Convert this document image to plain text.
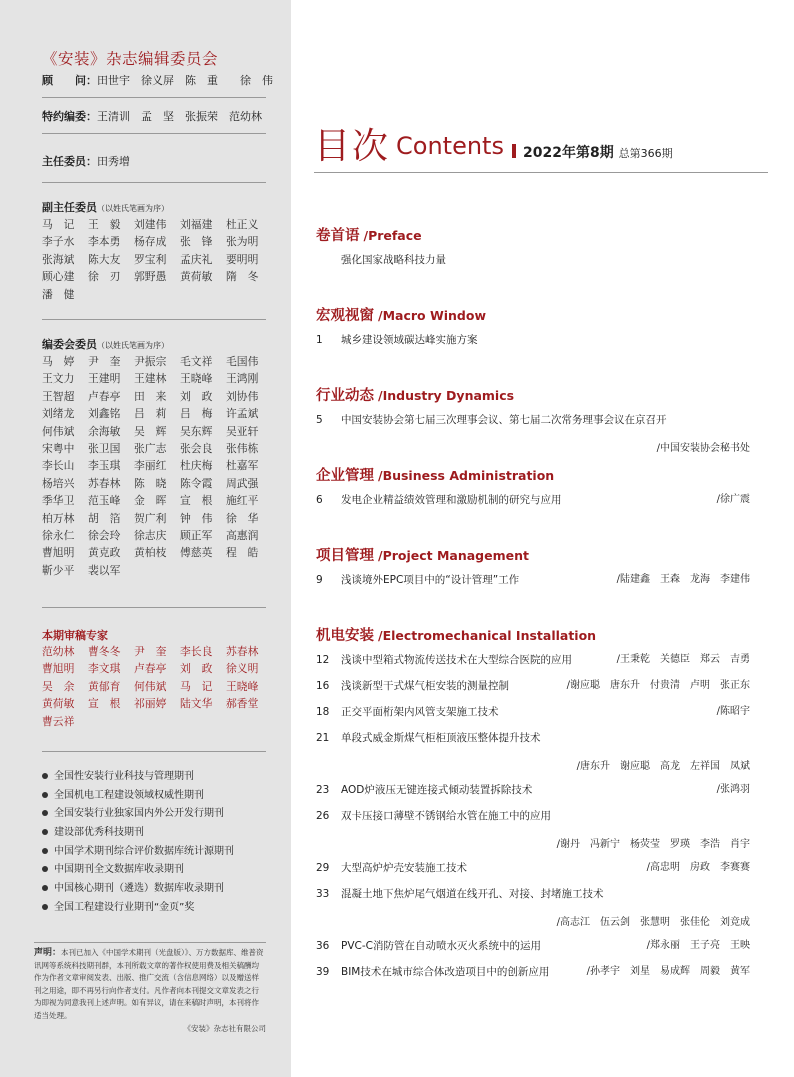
《安装》杂志编辑委员会
顾　　问：田世宇　徐义屏　陈　重　　徐　伟
特约编委：王清训　孟　坚　张振荣　范幼林
主任委员：田秀增
副主任委员（以姓氏笔画为序）
马　记	王　毅	刘建伟	刘福建	杜正义
李子水	李本勇	杨存成	张　锋	张为明
张海斌	陈大友	罗宝利	孟庆礼	要明明
顾心建	徐　刃	郭野愚	黄荷敏	隋　冬
潘　健
编委会委员（以姓氏笔画为序）
马　婷	尹　奎	尹振宗	毛文祥	毛国伟
王文力	王建明	王建林	王晓峰	王鸿刚
王智超	卢春亭	田　来	刘　政	刘协伟
刘绪龙	刘鑫铭	吕　莉	吕　梅	许孟斌
何伟斌	余海敏	吴　辉	吴东辉	吴亚轩
宋粤中	张卫国	张广志	张会良	张伟栋
李长山	李玉琪	李丽红	杜庆梅	杜嘉军
杨培兴	苏春林	陈　晓	陈令霞	周武强
季华卫	范玉峰	金　晖	宣　根	施红平
柏万林	胡　箔	贺广利	钟　伟	徐　华
徐永仁	徐会玲	徐志庆	顾正军	高惠润
曹旭明	黄克政	黄柏枝	傅慈英	程　皓
靳少平	裴以军
本期审稿专家
范幼林	曹冬冬	尹　奎	李长良	苏春林
曹旭明	李文琪	卢春亭	刘　政	徐义明
吴　余	黄郁育	何伟斌	马　记	王晓峰
黄荷敏	宣　根	祁丽婷	陆文华	郝香堂
曹云祥
全国性安装行业科技与管理期刊
全国机电工程建设领域权威性期刊
全国安装行业独家国内外公开发行期刊
建设部优秀科技期刊
中国学术期刊综合评价数据库统计源期刊
中国期刊全文数据库收录期刊
中国核心期刊（遴选）数据库收录期刊
全国工程建设行业期刊“金页”奖
声明：本刊已加入《中国学术期刊（光盘版）》、万方数据库、维普资讯网等系统科技期刊群，本刊所载文章的著作权使用费及相关稿酬均作为作者文章审阅发表、出版、推广交流（含信息网络）以及赠送样刊之用途，即不再另行向作者支付。凡作者向本刊提交文章发表之行为即视为同意我刊上述声明。如有异议，请在来稿时声明，本刊将作适当处理。
《安装》杂志社有限公司
目次 Contents 2022年第8期 总第366期
卷首语 /Preface
强化国家战略科技力量
宏观视窗 /Macro Window
1 城乡建设领域碳达峰实施方案
行业动态 /Industry Dynamics
5 中国安装协会第七届三次理事会议、第七届二次常务理事会议在京召开
/中国安装协会秘书处
企业管理 /Business Administration
6 发电企业精益绩效管理和激励机制的研究与应用	/徐广震
项目管理 /Project Management
9 浅谈境外EPC项目中的“设计管理”工作	/陆建鑫　王森　龙海　李建伟
机电安装 /Electromechanical Installation
12 浅谈中型箱式物流传送技术在大型综合医院的应用	/王秉乾　关德臣　郑云　吉勇
16 浅谈新型干式煤气柜安装的测量控制	/谢应聪　唐东升　付贵清　卢明　张正东
18 正交平面桁架内风管支架施工技术	/陈昭宇
21 单段式威金斯煤气柜柜顶液压整体提升技术
/唐东升　谢应聪　高龙　左祥国　凤斌
23 AOD炉液压无键连接式倾动装置拆除技术	/张鸿羽
26 双卡压接口薄壁不锈钢给水管在施工中的应用
/谢丹　冯新宁　杨荧莹　罗瑛　李浩　肖宇
29 大型高炉炉壳安装施工技术	/高忠明　房政　李赛赛
33 混凝土地下焦炉尾气烟道在线开孔、对接、封堵施工技术
/高志江　伍云剑　张慧明　张佳伦　刘竞成
36 PVC-C消防管在自动喷水灭火系统中的运用	/郑永丽　王子亮　王映
39 BIM技术在城市综合体改造项目中的创新应用	/孙孝宇　刘星　易成辉　周毅　黄军
